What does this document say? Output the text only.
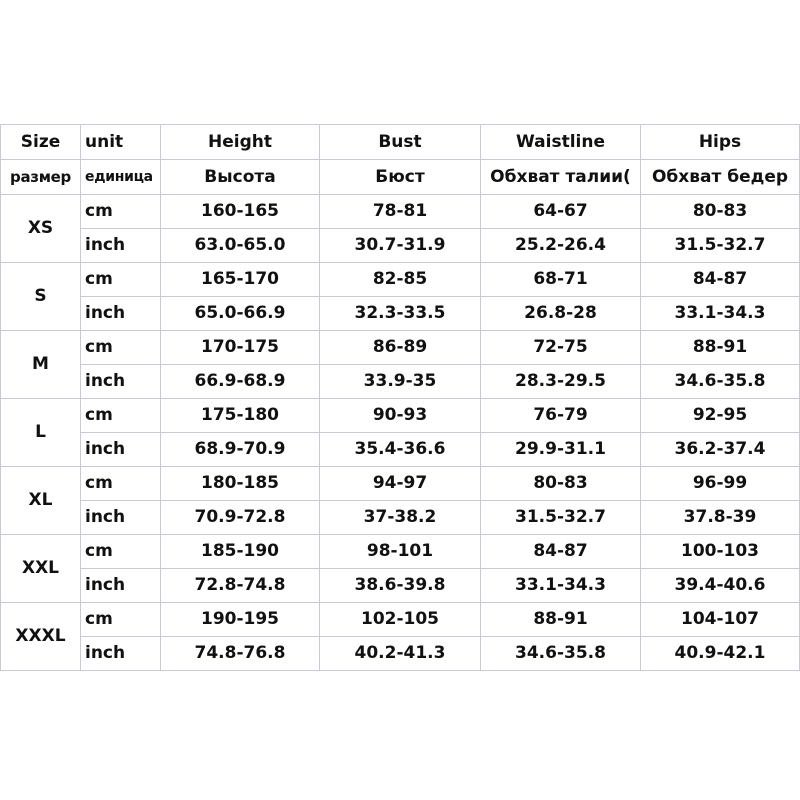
Size	unit	Height	Bust	Waistline	Hips
размер	единица	Высота	Бюст	Обхват талии(	Обхват бедер
XS	cm	160-165	78-81	64-67	80-83
	inch	63.0-65.0	30.7-31.9	25.2-26.4	31.5-32.7
S	cm	165-170	82-85	68-71	84-87
	inch	65.0-66.9	32.3-33.5	26.8-28	33.1-34.3
M	cm	170-175	86-89	72-75	88-91
	inch	66.9-68.9	33.9-35	28.3-29.5	34.6-35.8
L	cm	175-180	90-93	76-79	92-95
	inch	68.9-70.9	35.4-36.6	29.9-31.1	36.2-37.4
XL	cm	180-185	94-97	80-83	96-99
	inch	70.9-72.8	37-38.2	31.5-32.7	37.8-39
XXL	cm	185-190	98-101	84-87	100-103
	inch	72.8-74.8	38.6-39.8	33.1-34.3	39.4-40.6
XXXL	cm	190-195	102-105	88-91	104-107
	inch	74.8-76.8	40.2-41.3	34.6-35.8	40.9-42.1
